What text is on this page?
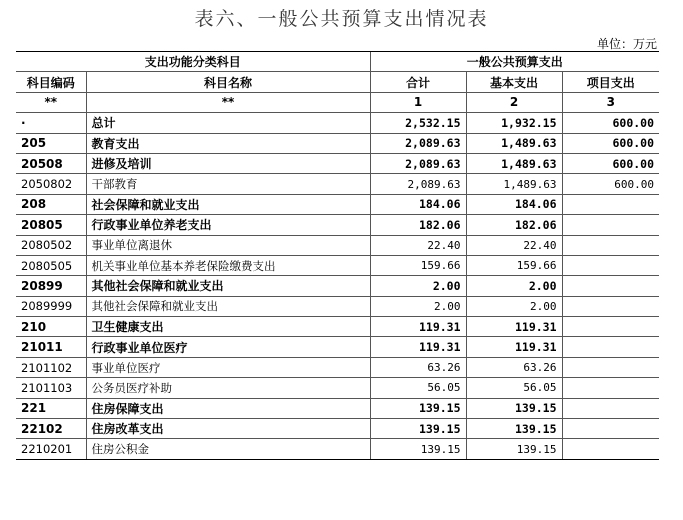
表六、一般公共预算支出情况表
单位：万元
支出功能分类科目		一般公共预算支出		
科目编码	科目名称	合计	基本支出	项目支出
**	**	1	2	3
·	总计	2,532.15	1,932.15	600.00
205	教育支出	2,089.63	1,489.63	600.00
20508	进修及培训	2,089.63	1,489.63	600.00
2050802	干部教育	2,089.63	1,489.63	600.00
208	社会保障和就业支出	184.06	184.06	
20805	行政事业单位养老支出	182.06	182.06	
2080502	事业单位离退休	22.40	22.40	
2080505	机关事业单位基本养老保险缴费支出	159.66	159.66	
20899	其他社会保障和就业支出	2.00	2.00	
2089999	其他社会保障和就业支出	2.00	2.00	
210	卫生健康支出	119.31	119.31	
21011	行政事业单位医疗	119.31	119.31	
2101102	事业单位医疗	63.26	63.26	
2101103	公务员医疗补助	56.05	56.05	
221	住房保障支出	139.15	139.15	
22102	住房改革支出	139.15	139.15	
2210201	住房公积金	139.15	139.15	
